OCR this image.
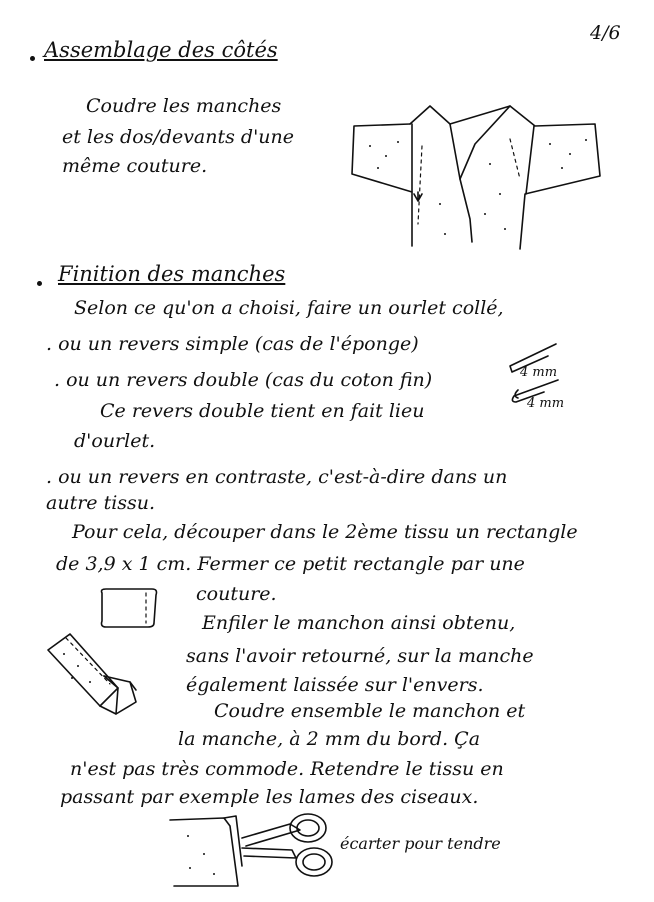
4/6
Assemblage des côtés
Coudre les manches
et les dos/devants d'une
même couture.
Finition des manches
Selon ce qu'on a choisi, faire un ourlet collé,
. ou un revers simple (cas de l'éponge)
. ou un revers double (cas du coton fin)
Ce revers double tient en fait lieu
d'ourlet.
4 mm
4 mm
. ou un revers en contraste, c'est-à-dire dans un
autre tissu.
Pour cela, découper dans le 2ème tissu un rectangle
de 3,9 x 1 cm. Fermer ce petit rectangle par une
couture.
Enfiler le manchon ainsi obtenu,
sans l'avoir retourné, sur la manche
également laissée sur l'envers.
Coudre ensemble le manchon et
la manche, à 2 mm du bord. Ça
n'est pas très commode. Retendre le tissu en
passant par exemple les lames des ciseaux.
écarter pour tendre
